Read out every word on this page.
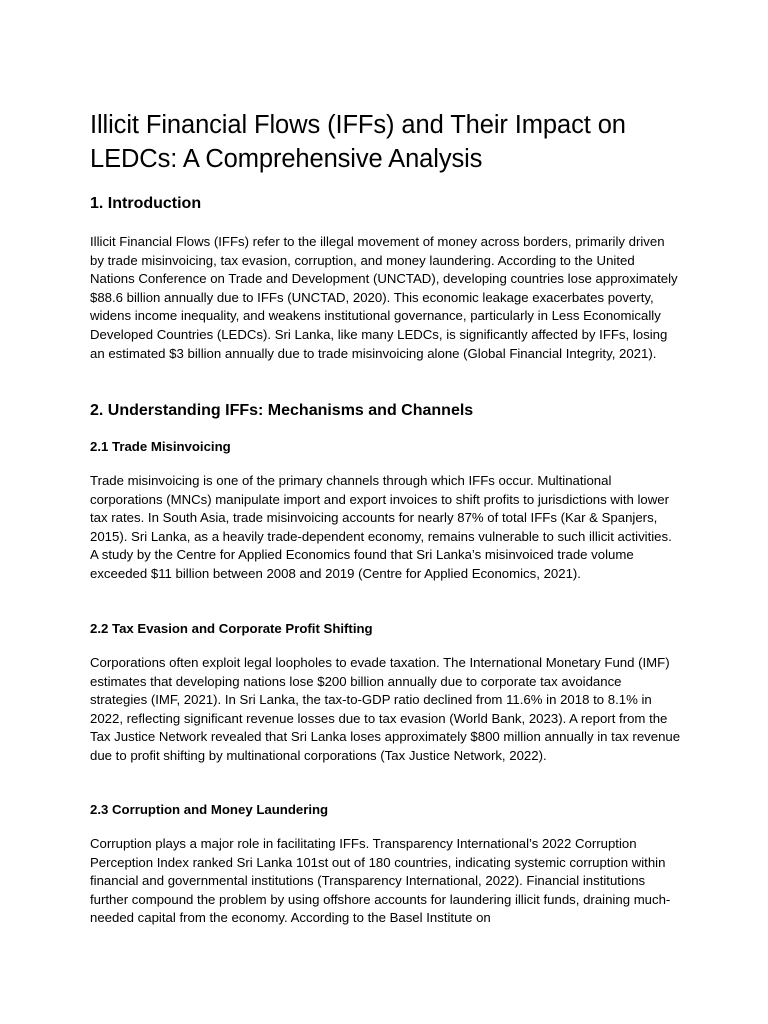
Illicit Financial Flows (IFFs) and Their Impact on LEDCs: A Comprehensive Analysis
1. Introduction

Illicit Financial Flows (IFFs) refer to the illegal movement of money across borders, primarily driven by trade misinvoicing, tax evasion, corruption, and money laundering. According to the United Nations Conference on Trade and Development (UNCTAD), developing countries lose approximately $88.6 billion annually due to IFFs (UNCTAD, 2020). This economic leakage exacerbates poverty, widens income inequality, and weakens institutional governance, particularly in Less Economically Developed Countries (LEDCs). Sri Lanka, like many LEDCs, is significantly affected by IFFs, losing an estimated $3 billion annually due to trade misinvoicing alone (Global Financial Integrity, 2021).

2. Understanding IFFs: Mechanisms and Channels
2.1 Trade Misinvoicing

Trade misinvoicing is one of the primary channels through which IFFs occur. Multinational corporations (MNCs) manipulate import and export invoices to shift profits to jurisdictions with lower tax rates. In South Asia, trade misinvoicing accounts for nearly 87% of total IFFs (Kar & Spanjers, 2015). Sri Lanka, as a heavily trade-dependent economy, remains vulnerable to such illicit activities. A study by the Centre for Applied Economics found that Sri Lanka’s misinvoiced trade volume exceeded $11 billion between 2008 and 2019 (Centre for Applied Economics, 2021).

2.2 Tax Evasion and Corporate Profit Shifting

Corporations often exploit legal loopholes to evade taxation. The International Monetary Fund (IMF) estimates that developing nations lose $200 billion annually due to corporate tax avoidance strategies (IMF, 2021). In Sri Lanka, the tax-to-GDP ratio declined from 11.6% in 2018 to 8.1% in 2022, reflecting significant revenue losses due to tax evasion (World Bank, 2023). A report from the Tax Justice Network revealed that Sri Lanka loses approximately $800 million annually in tax revenue due to profit shifting by multinational corporations (Tax Justice Network, 2022).

2.3 Corruption and Money Laundering

Corruption plays a major role in facilitating IFFs. Transparency International’s 2022 Corruption Perception Index ranked Sri Lanka 101st out of 180 countries, indicating systemic corruption within financial and governmental institutions (Transparency International, 2022). Financial institutions further compound the problem by using offshore accounts for laundering illicit funds, draining much-needed capital from the economy. According to the Basel Institute on
